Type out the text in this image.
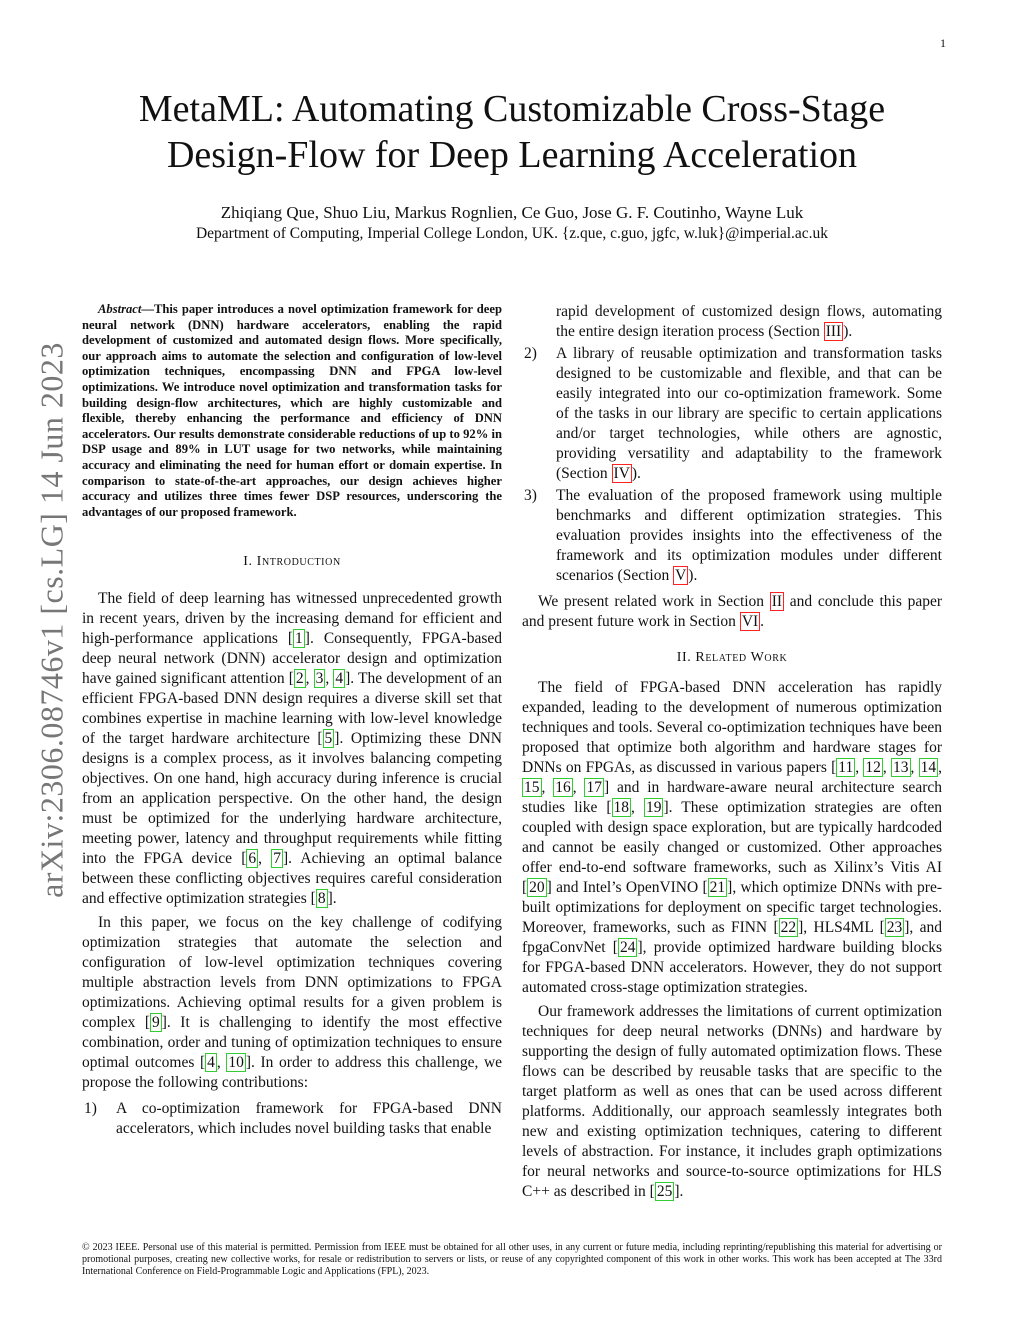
1
arXiv:2306.08746v1 [cs.LG] 14 Jun 2023
MetaML: Automating Customizable Cross-Stage
Design-Flow for Deep Learning Acceleration
Zhiqiang Que, Shuo Liu, Markus Rognlien, Ce Guo, Jose G. F. Coutinho, Wayne Luk
Department of Computing, Imperial College London, UK. {z.que, c.guo, jgfc, w.luk}@imperial.ac.uk

Abstract—This paper introduces a novel optimization framework for deep neural network (DNN) hardware accelerators, enabling the rapid development of customized and automated design flows. More specifically, our approach aims to automate the selection and configuration of low-level optimization techniques, encompassing DNN and FPGA low-level optimizations. We introduce novel optimization and transformation tasks for building design-flow architectures, which are highly customizable and flexible, thereby enhancing the performance and efficiency of DNN accelerators. Our results demonstrate considerable reductions of up to 92% in DSP usage and 89% in LUT usage for two networks, while maintaining accuracy and eliminating the need for human effort or domain expertise. In comparison to state-of-the-art approaches, our design achieves higher accuracy and utilizes three times fewer DSP resources, underscoring the advantages of our proposed framework.

I. Introduction

The field of deep learning has witnessed unprecedented growth in recent years, driven by the increasing demand for efficient and high-performance applications [ 1 ]. Consequently, FPGA-based deep neural network (DNN) accelerator design and optimization have gained significant attention [ 2 , 3 , 4 ]. The development of an efficient FPGA-based DNN design requires a diverse skill set that combines expertise in machine learning with low-level knowledge of the target hardware architecture [ 5 ]. Optimizing these DNN designs is a complex process, as it involves balancing competing objectives. On one hand, high accuracy during inference is crucial from an application perspective. On the other hand, the design must be optimized for the underlying hardware architecture, meeting power, latency and throughput requirements while fitting into the FPGA device [ 6 , 7 ]. Achieving an optimal balance between these conflicting objectives requires careful consideration and effective optimization strategies [ 8 ].

In this paper, we focus on the key challenge of codifying optimization strategies that automate the selection and configuration of low-level optimization techniques covering multiple abstraction levels from DNN optimizations to FPGA optimizations. Achieving optimal results for a given problem is complex [ 9 ]. It is challenging to identify the most effective combination, order and tuning of optimization techniques to ensure optimal outcomes [ 4 , 10 ]. In order to address this challenge, we propose the following contributions:

1) A co-optimization framework for FPGA-based DNN accelerators, which includes novel building tasks that enable

rapid development of customized design flows, automating the entire design iteration process (Section III ).

2) A library of reusable optimization and transformation tasks designed to be customizable and flexible, and that can be easily integrated into our co-optimization framework. Some of the tasks in our library are specific to certain applications and/or target technologies, while others are agnostic, providing versatility and adaptability to the framework (Section IV ).
3) The evaluation of the proposed framework using multiple benchmarks and different optimization strategies. This evaluation provides insights into the effectiveness of the framework and its optimization modules under different scenarios (Section V ).

We present related work in Section II and conclude this paper and present future work in Section VI .

II. Related Work

The field of FPGA-based DNN acceleration has rapidly expanded, leading to the development of numerous optimization techniques and tools. Several co-optimization techniques have been proposed that optimize both algorithm and hardware stages for DNNs on FPGAs, as discussed in various papers [ 11 , 12 , 13 , 14 , 15 , 16 , 17 ] and in hardware-aware neural architecture search studies like [ 18 , 19 ]. These optimization strategies are often coupled with design space exploration, but are typically hardcoded and cannot be easily changed or customized. Other approaches offer end-to-end software frameworks, such as Xilinx’s Vitis AI [ 20 ] and Intel’s OpenVINO [ 21 ], which optimize DNNs with pre-built optimizations for deployment on specific target technologies. Moreover, frameworks, such as FINN [ 22 ], HLS4ML [ 23 ], and fpgaConvNet [ 24 ], provide optimized hardware building blocks for FPGA-based DNN accelerators. However, they do not support automated cross-stage optimization strategies.

Our framework addresses the limitations of current optimization techniques for deep neural networks (DNNs) and hardware by supporting the design of fully automated optimization flows. These flows can be described by reusable tasks that are specific to the target platform as well as ones that can be used across different platforms. Additionally, our approach seamlessly integrates both new and existing optimization techniques, catering to different levels of abstraction. For instance, it includes graph optimizations for neural networks and source-to-source optimizations for HLS C++ as described in [ 25 ].

© 2023 IEEE. Personal use of this material is permitted. Permission from IEEE must be obtained for all other uses, in any current or future media, including reprinting/republishing this material for advertising or promotional purposes, creating new collective works, for resale or redistribution to servers or lists, or reuse of any copyrighted component of this work in other works. This work has been accepted at The 33rd International Conference on Field-Programmable Logic and Applications (FPL), 2023.
